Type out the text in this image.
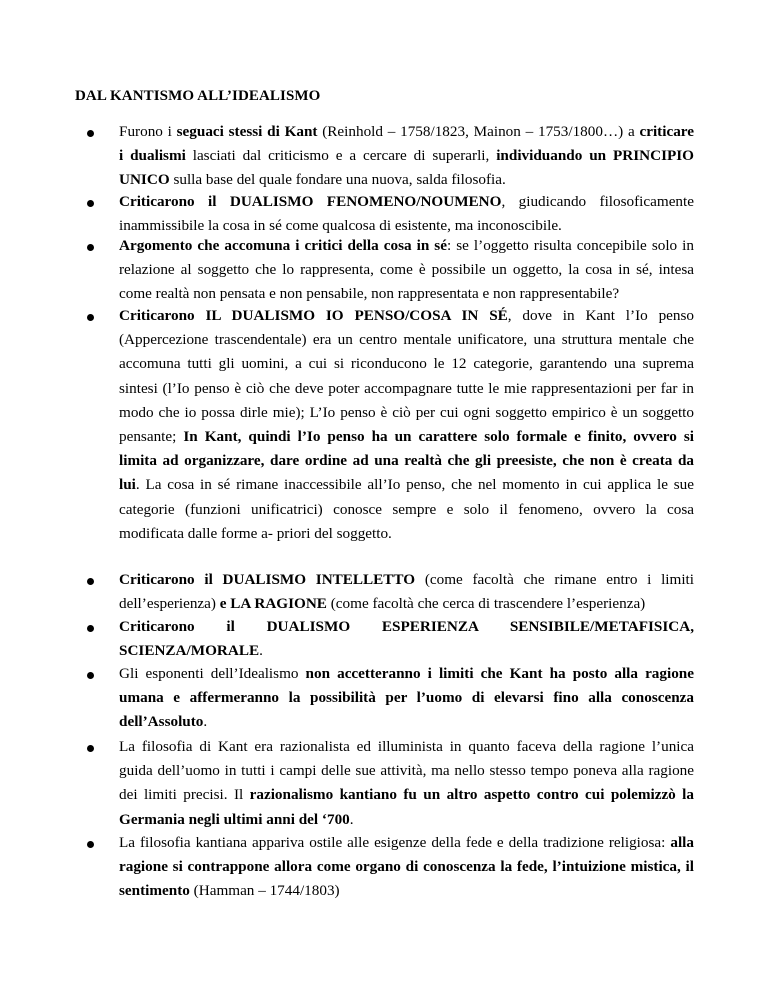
DAL KANTISMO ALL’IDEALISMO
Furono i seguaci stessi di Kant (Reinhold – 1758/1823, Mainon – 1753/1800…) a criticare
i dualismi lasciati dal criticismo e a cercare di superarli, individuando un PRINCIPIO
UNICO sulla base del quale fondare una nuova, salda filosofia.
Criticarono il DUALISMO FENOMENO/NOUMENO, giudicando filosoficamente
inammissibile la cosa in sé come qualcosa di esistente, ma inconoscibile.
Argomento che accomuna i critici della cosa in sé: se l’oggetto risulta concepibile solo in
relazione al soggetto che lo rappresenta, come è possibile un oggetto, la cosa in sé, intesa
come realtà non pensata e non pensabile, non rappresentata e non rappresentabile?
Criticarono IL DUALISMO IO PENSO/COSA IN SÉ, dove in Kant l’Io penso
(Appercezione trascendentale) era un centro mentale unificatore, una struttura mentale che
accomuna tutti gli uomini, a cui si riconducono le 12 categorie, garantendo una suprema
sintesi (l’Io penso è ciò che deve poter accompagnare tutte le mie rappresentazioni per far in
modo che io possa dirle mie); L’Io penso è ciò per cui ogni soggetto empirico è un soggetto
pensante; In Kant, quindi l’Io penso ha un carattere solo formale e finito, ovvero si
limita ad organizzare, dare ordine ad una realtà che gli preesiste, che non è creata da
lui. La cosa in sé rimane inaccessibile all’Io penso, che nel momento in cui applica le sue
categorie (funzioni unificatrici) conosce sempre e solo il fenomeno, ovvero la cosa
modificata dalle forme a- priori del soggetto.
Criticarono il DUALISMO INTELLETTO (come facoltà che rimane entro i limiti
dell’esperienza) e LA RAGIONE (come facoltà che cerca di trascendere l’esperienza)
Criticarono il DUALISMO ESPERIENZA SENSIBILE/METAFISICA,
SCIENZA/MORALE.
Gli esponenti dell’Idealismo non accetteranno i limiti che Kant ha posto alla ragione
umana e affermeranno la possibilità per l’uomo di elevarsi fino alla conoscenza
dell’Assoluto.
La filosofia di Kant era razionalista ed illuminista in quanto faceva della ragione l’unica
guida dell’uomo in tutti i campi delle sue attività, ma nello stesso tempo poneva alla ragione
dei limiti precisi. Il razionalismo kantiano fu un altro aspetto contro cui polemizzò la
Germania negli ultimi anni del ‘700.
La filosofia kantiana appariva ostile alle esigenze della fede e della tradizione religiosa: alla
ragione si contrappone allora come organo di conoscenza la fede, l’intuizione mistica, il
sentimento (Hamman – 1744/1803)
